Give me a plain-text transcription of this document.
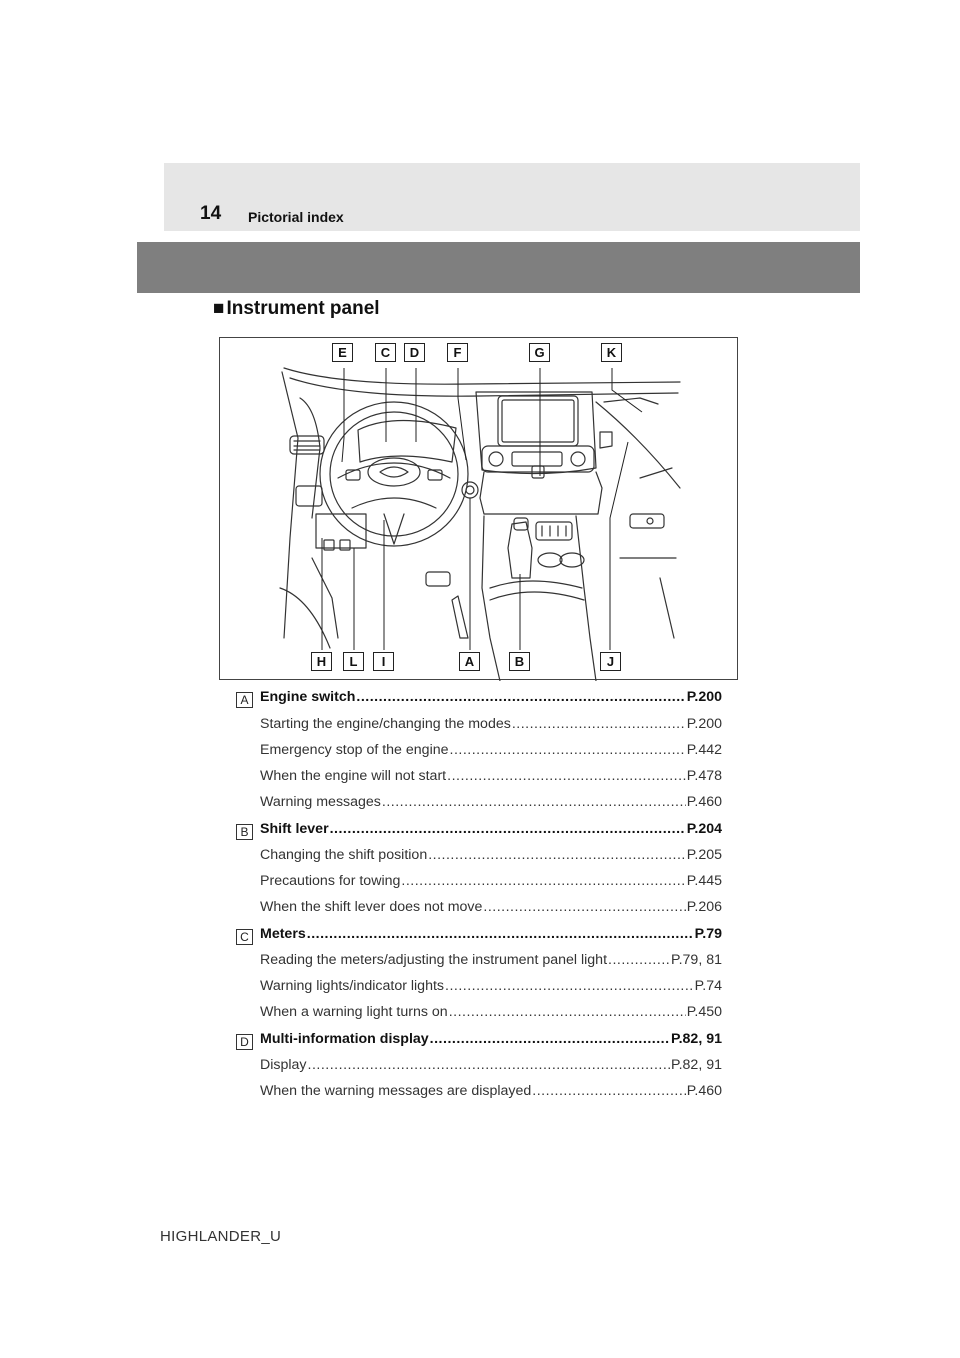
14 Pictorial index
■ Instrument panel
E	C	D	F	G	K
H	L	I	A	B	J
A Engine switch .....	P.200
Starting the engine/changing the modes .....	P.200
Emergency stop of the engine .....	P.442
When the engine will not start .....	P.478
Warning messages .....	P.460
B Shift lever .....	P.204
Changing the shift position .....	P.205
Precautions for towing .....	P.445
When the shift lever does not move .....	P.206
C Meters .....	P.79
Reading the meters/adjusting the instrument panel light .....	P.79, 81
Warning lights/indicator lights .....	P.74
When a warning light turns on .....	P.450
D Multi-information display .....	P.82, 91
Display .....	P.82, 91
When the warning messages are displayed .....	P.460
HIGHLANDER_U
